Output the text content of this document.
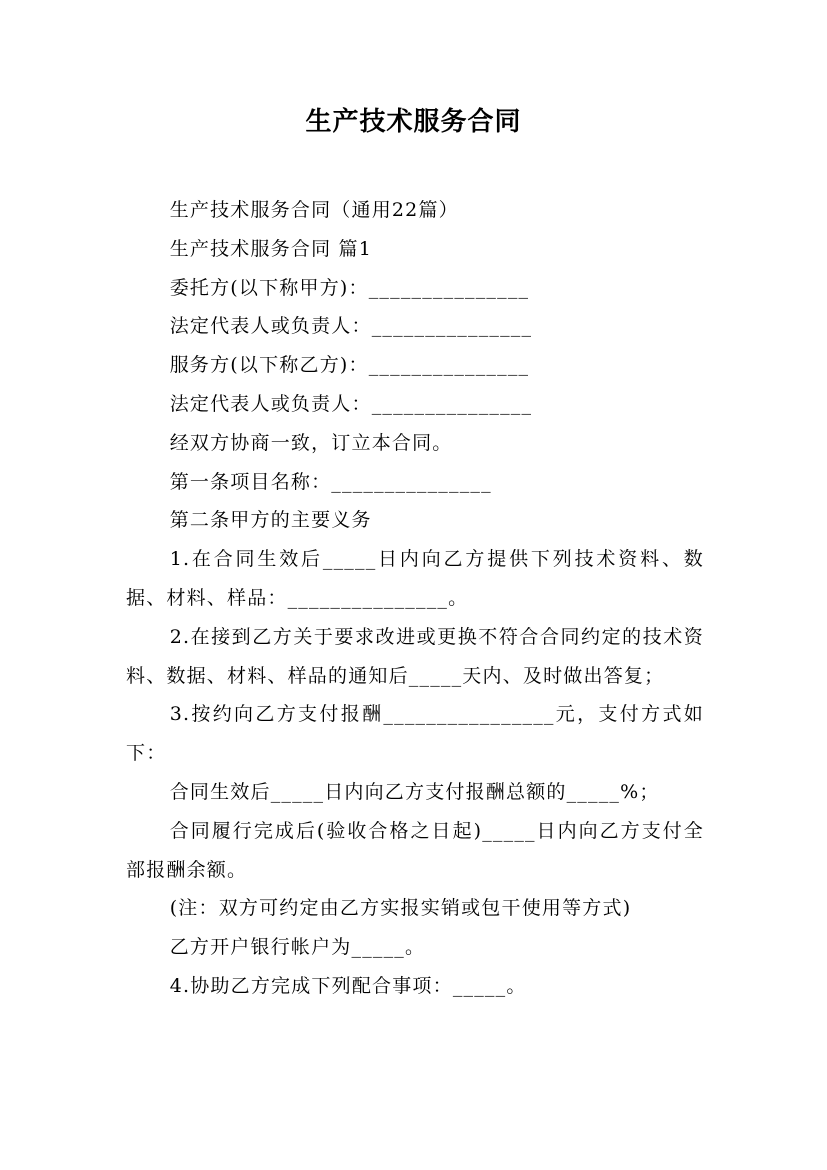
生产技术服务合同

生产技术服务合同（通用22篇）

生产技术服务合同 篇1

委托方(以下称甲方)：_______________

法定代表人或负责人：_______________

服务方(以下称乙方)：_______________

法定代表人或负责人：_______________

经双方协商一致，订立本合同。

第一条项目名称：_______________

第二条甲方的主要义务

1.在合同生效后_____日内向乙方提供下列技术资料、数据、材料、样品：_______________。

2.在接到乙方关于要求改进或更换不符合合同约定的技术资料、数据、材料、样品的通知后_____天内、及时做出答复；

3.按约向乙方支付报酬________________元，支付方式如下：

合同生效后_____日内向乙方支付报酬总额的_____%；

合同履行完成后(验收合格之日起)_____日内向乙方支付全部报酬余额。

(注：双方可约定由乙方实报实销或包干使用等方式)

乙方开户银行帐户为_____。

4.协助乙方完成下列配合事项：_____。
